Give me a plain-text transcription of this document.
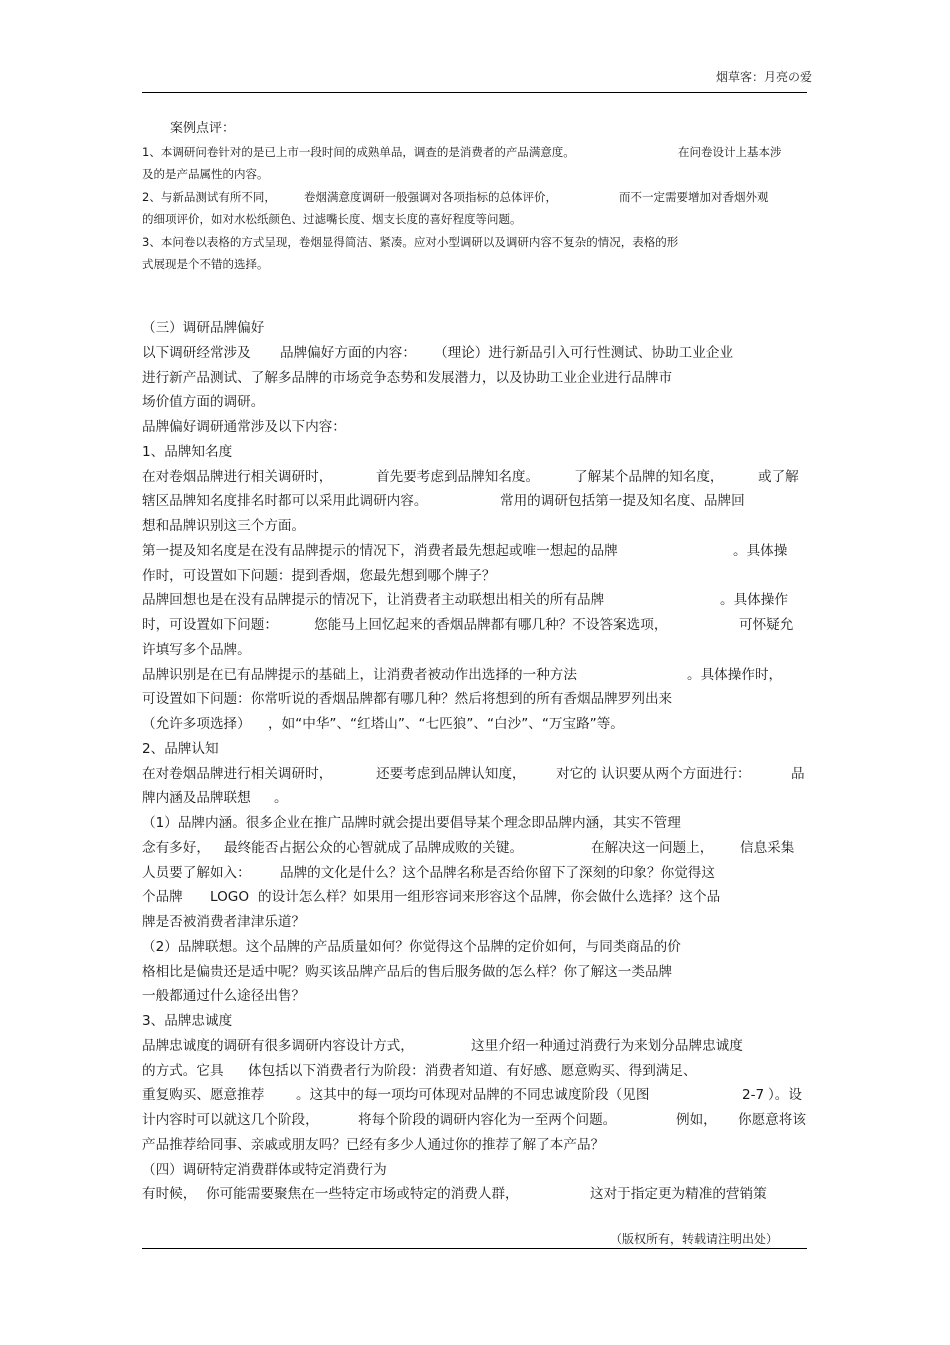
烟草客：月亮の爱
案例点评：
1、本调研问卷针对的是已上市一段时间的成熟单品，调查的是消费者的产品满意度。	在问卷设计上基本涉
及的是产品属性的内容。
2、与新品测试有所不同， 卷烟满意度调研一般强调对各项指标的总体评价，	而不一定需要增加对香烟外观
的细项评价，如对水松纸颜色、过滤嘴长度、烟支长度的喜好程度等问题。
3、本问卷以表格的方式呈现，卷烟显得简洁、紧凑。应对小型调研以及调研内容不复杂的情况，表格的形
式展现是个不错的选择。
（三）调研品牌偏好
以下调研经常涉及 品牌偏好方面的内容： （理论）进行新品引入可行性测试、协助工业企业
进行新产品测试、了解多品牌的市场竞争态势和发展潜力，以及协助工业企业进行品牌市
场价值方面的调研。
品牌偏好调研通常涉及以下内容：
1、品牌知名度
在对卷烟品牌进行相关调研时，	首先要考虑到品牌知名度。	了解某个品牌的知名度，	或了解
辖区品牌知名度排名时都可以采用此调研内容。	常用的调研包括第一提及知名度、品牌回
想和品牌识别这三个方面。
第一提及知名度是在没有品牌提示的情况下，消费者最先想起或唯一想起的品牌	。具体操
作时，可设置如下问题：提到香烟，您最先想到哪个牌子？
品牌回想也是在没有品牌提示的情况下，让消费者主动联想出相关的所有品牌	。具体操作
时，可设置如下问题：	您能马上回忆起来的香烟品牌都有哪几种？不设答案选项，	可怀疑允
许填写多个品牌。
品牌识别是在已有品牌提示的基础上，让消费者被动作出选择的一种方法	。具体操作时，
可设置如下问题：你常听说的香烟品牌都有哪几种？然后将想到的所有香烟品牌罗列出来
（允许多项选择） ，如“中华”、“红塔山”、“七匹狼”、“白沙”、“万宝路”等。
2、品牌认知
在对卷烟品牌进行相关调研时，	还要考虑到品牌认知度， 对它的 认识要从两个方面进行：	品
牌内涵及品牌联想 。
（1）品牌内涵。很多企业在推广品牌时就会提出要倡导某个理念即品牌内涵，其实不管理
念有多好， 最终能否占据公众的心智就成了品牌成败的关键。	在解决这一问题上， 信息采集
人员要了解如入： 品牌的文化是什么？这个品牌名称是否给你留下了深刻的印象？你觉得这
个品牌 LOGO 的设计怎么样？如果用一组形容词来形容这个品牌，你会做什么选择？这个品
牌是否被消费者津津乐道？
（2）品牌联想。这个品牌的产品质量如何？你觉得这个品牌的定价如何，与同类商品的价
格相比是偏贵还是适中呢？购买该品牌产品后的售后服务做的怎么样？你了解这一类品牌
一般都通过什么途径出售？
3、品牌忠诚度
品牌忠诚度的调研有很多调研内容设计方式，	这里介绍一种通过消费行为来划分品牌忠诚度
的方式。它具 体包括以下消费者行为阶段：消费者知道、有好感、愿意购买、得到满足、
重复购买、愿意推荐 。这其中的每一项均可体现对品牌的不同忠诚度阶段（见图	2-7 ）。设
计内容时可以就这几个阶段，	将每个阶段的调研内容化为一至两个问题。	例如， 你愿意将该
产品推荐给同事、亲戚或朋友吗？已经有多少人通过你的推荐了解了本产品？
（四）调研特定消费群体或特定消费行为
有时候， 你可能需要聚焦在一些特定市场或特定的消费人群，	这对于指定更为精准的营销策
（版权所有，转载请注明出处）
